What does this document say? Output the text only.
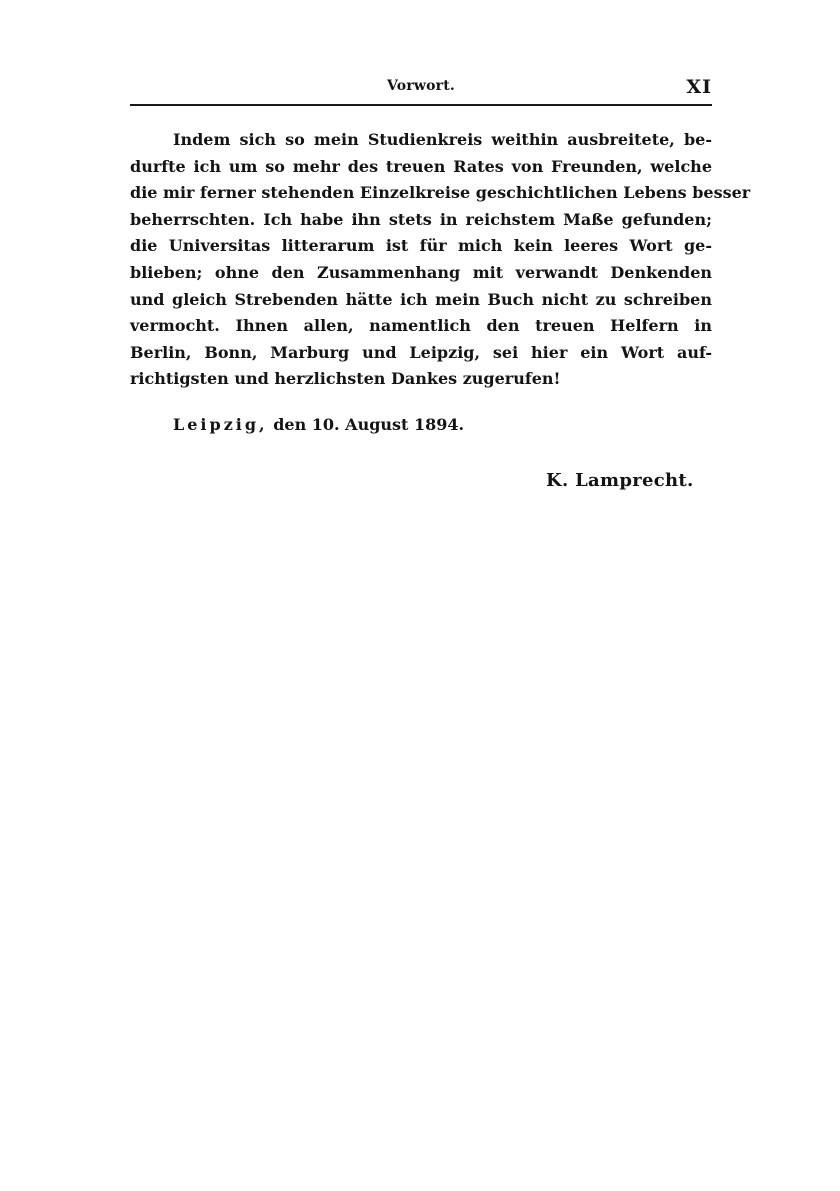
Vorwort.	XI
Indem sich so mein Studienkreis weithin ausbreitete, be-
durfte ich um so mehr des treuen Rates von Freunden, welche
die mir ferner stehenden Einzelkreise geschichtlichen Lebens besser
beherrschten. Ich habe ihn stets in reichstem Maße gefunden;
die Universitas litterarum ist für mich kein leeres Wort ge-
blieben; ohne den Zusammenhang mit verwandt Denkenden
und gleich Strebenden hätte ich mein Buch nicht zu schreiben
vermocht. Ihnen allen, namentlich den treuen Helfern in
Berlin, Bonn, Marburg und Leipzig, sei hier ein Wort auf-
richtigsten und herzlichsten Dankes zugerufen!
Leipzig, den 10. August 1894.
K. Lamprecht.
